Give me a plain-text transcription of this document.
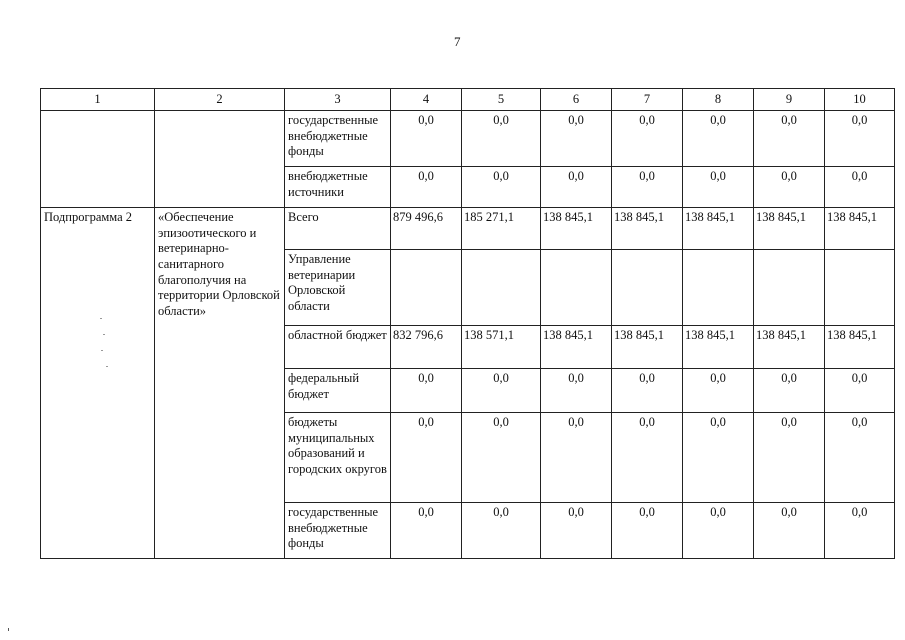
7
1	2	3	4	5	6	7	8	9	10
		государственные внебюджетные фонды	0,0	0,0	0,0	0,0	0,0	0,0	0,0
		внебюджетные источники	0,0	0,0	0,0	0,0	0,0	0,0	0,0
Подпрограмма 2	«Обеспечение эпизоотического и ветеринарно-санитарного благополучия на территории Орловской области»	Всего	879 496,6	185 271,1	138 845,1	138 845,1	138 845,1	138 845,1	138 845,1
		Управление ветеринарии Орловской области							
		областной бюджет	832 796,6	138 571,1	138 845,1	138 845,1	138 845,1	138 845,1	138 845,1
		федеральный бюджет	0,0	0,0	0,0	0,0	0,0	0,0	0,0
		бюджеты муниципальных образований и городских округов	0,0	0,0	0,0	0,0	0,0	0,0	0,0
		государственные внебюджетные фонды	0,0	0,0	0,0	0,0	0,0	0,0	0,0
